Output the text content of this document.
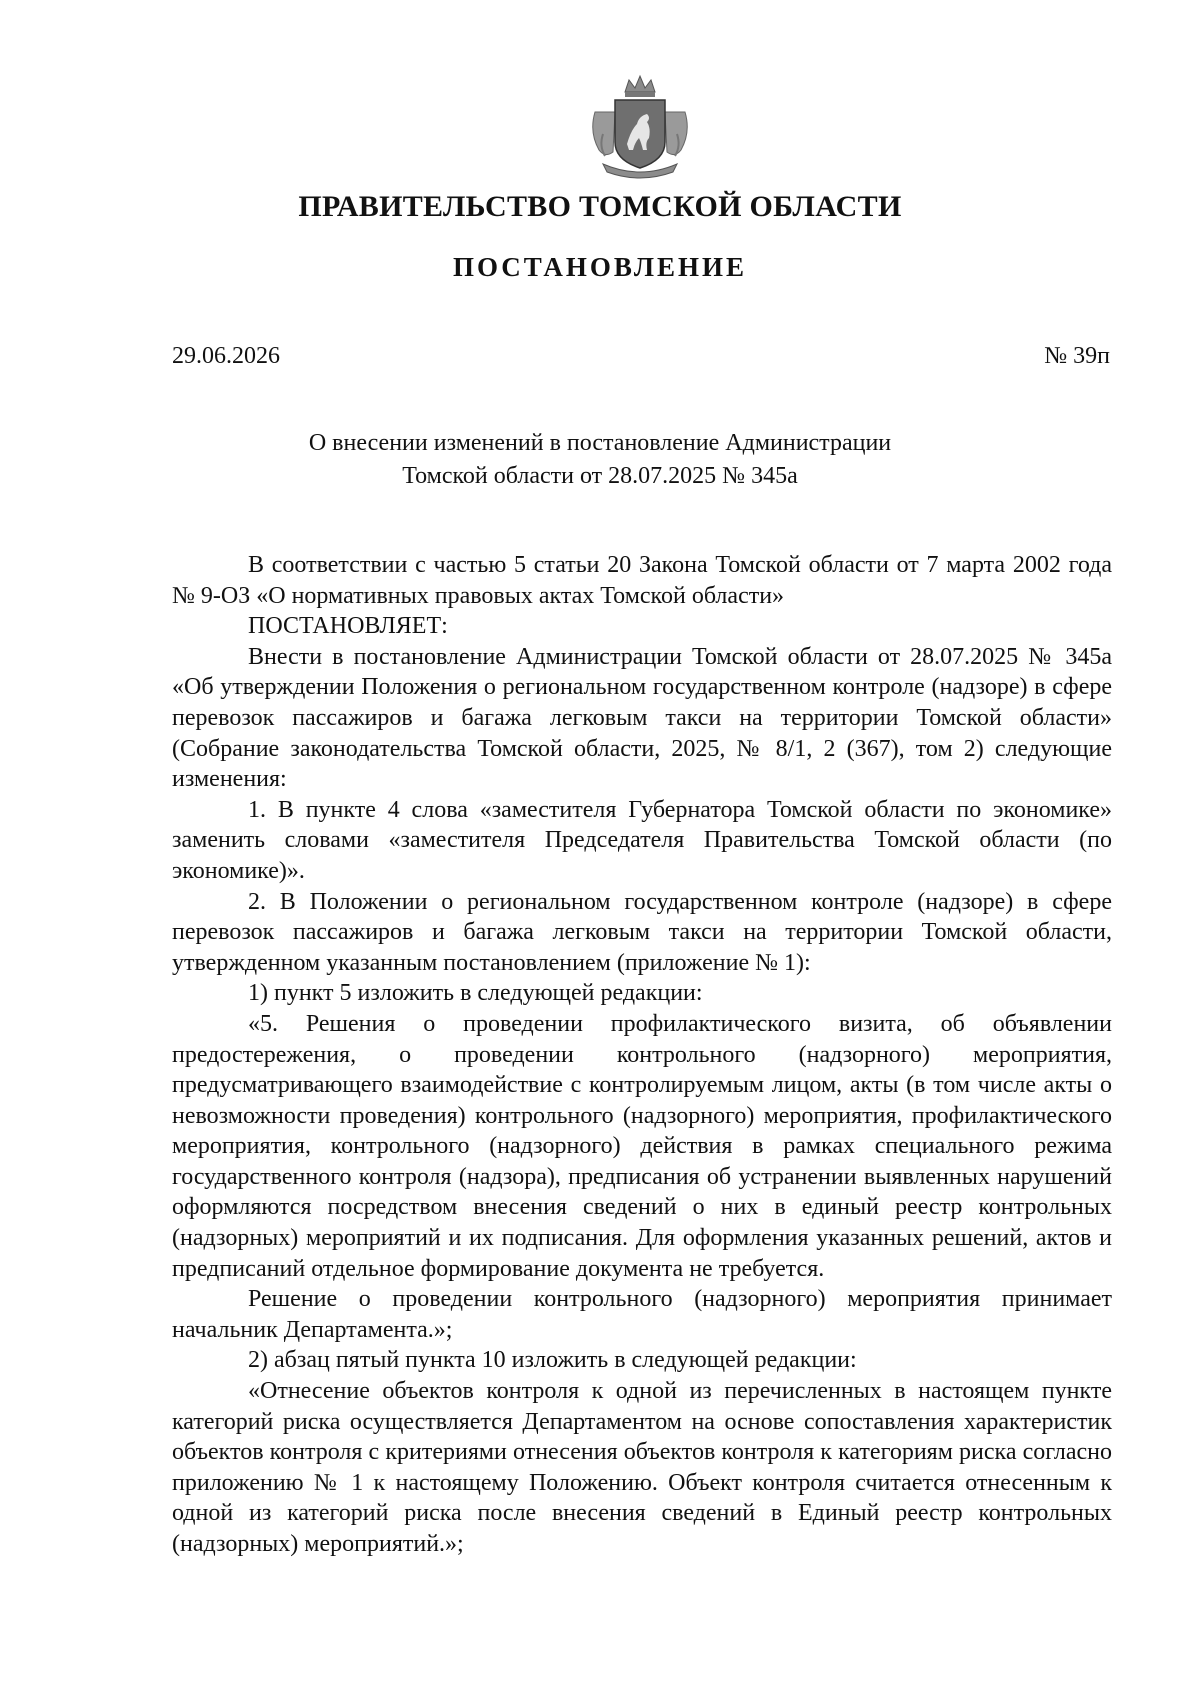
ПРАВИТЕЛЬСТВО ТОМСКОЙ ОБЛАСТИ
ПОСТАНОВЛЕНИЕ
29.06.2026	№ 39п
О внесении изменений в постановление Администрации
Томской области от 28.07.2025 № 345а

В соответствии с частью 5 статьи 20 Закона Томской области от 7 марта 2002 года № 9-ОЗ «О нормативных правовых актах Томской области»

ПОСТАНОВЛЯЕТ:

Внести в постановление Администрации Томской области от 28.07.2025 № 345а «Об утверждении Положения о региональном государственном контроле (надзоре) в сфере перевозок пассажиров и багажа легковым такси на территории Томской области» (Собрание законодательства Томской области, 2025, № 8/1, 2 (367), том 2) следующие изменения:

1. В пункте 4 слова «заместителя Губернатора Томской области по экономике» заменить словами «заместителя Председателя Правительства Томской области (по экономике)».

2. В Положении о региональном государственном контроле (надзоре) в сфере перевозок пассажиров и багажа легковым такси на территории Томской области, утвержденном указанным постановлением (приложение № 1):

1) пункт 5 изложить в следующей редакции:

«5. Решения о проведении профилактического визита, об объявлении предостережения, о проведении контрольного (надзорного) мероприятия, предусматривающего взаимодействие с контролируемым лицом, акты (в том числе акты о невозможности проведения) контрольного (надзорного) мероприятия, профилактического мероприятия, контрольного (надзорного) действия в рамках специального режима государственного контроля (надзора), предписания об устранении выявленных нарушений оформляются посредством внесения сведений о них в единый реестр контрольных (надзорных) мероприятий и их подписания. Для оформления указанных решений, актов и предписаний отдельное формирование документа не требуется.

Решение о проведении контрольного (надзорного) мероприятия принимает начальник Департамента.»;

2) абзац пятый пункта 10 изложить в следующей редакции:

«Отнесение объектов контроля к одной из перечисленных в настоящем пункте категорий риска осуществляется Департаментом на основе сопоставления характеристик объектов контроля с критериями отнесения объектов контроля к категориям риска согласно приложению № 1 к настоящему Положению. Объект контроля считается отнесенным к одной из категорий риска после внесения сведений в Единый реестр контрольных (надзорных) мероприятий.»;
